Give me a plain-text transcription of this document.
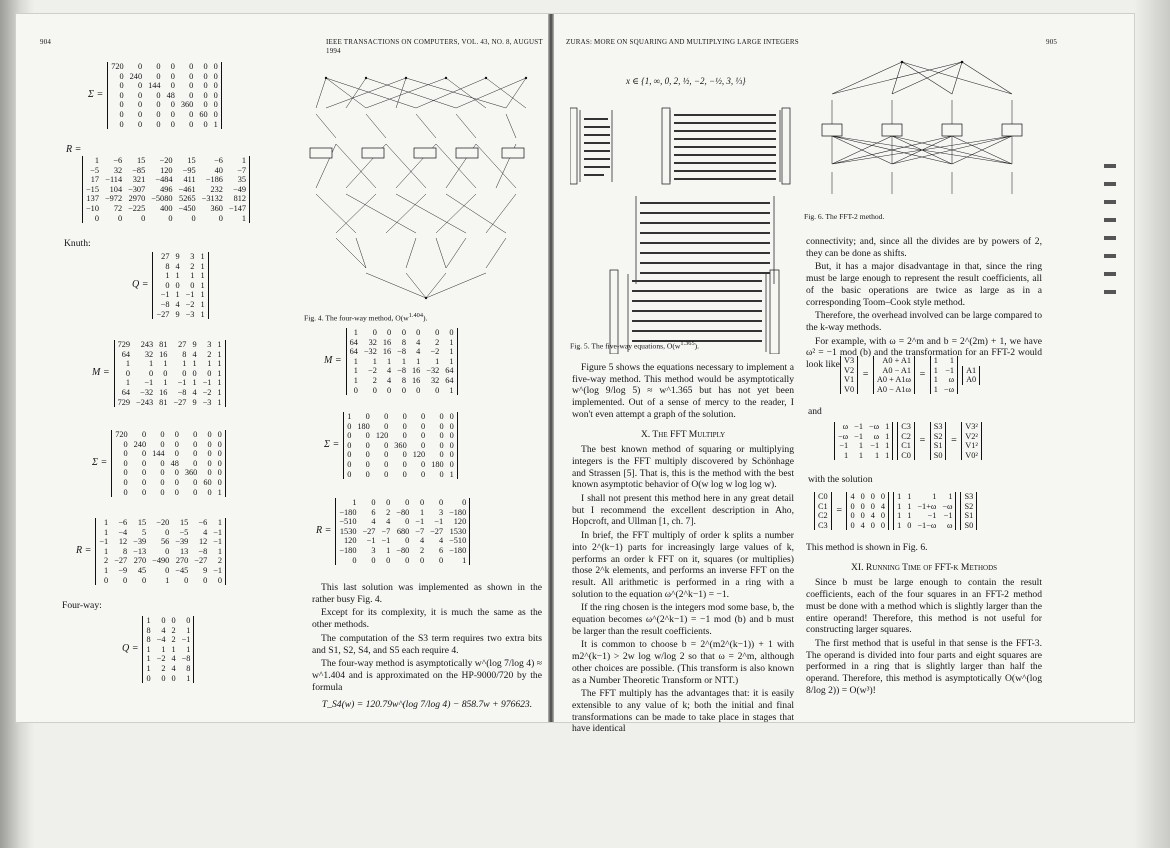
904	IEEE TRANSACTIONS ON COMPUTERS, VOL. 43, NO. 8, AUGUST 1994
Σ =
720	0	0	0	0	0	0
0	240	0	0	0	0	0
0	0	144	0	0	0	0
0	0	0	48	0	0	0
0	0	0	0	360	0	0
0	0	0	0	0	60	0
0	0	0	0	0	0	1
R =
1	−6	15	−20	15	−6	1
−5	32	−85	120	−95	40	−7
17	−114	321	−484	411	−186	35
−15	104	−307	496	−461	232	−49
137	−972	2970	−5080	5265	−3132	812
−10	72	−225	400	−450	360	−147
0	0	0	0	0	0	1
Knuth:
Q =
27	9	3	1
8	4	2	1
1	1	1	1
0	0	0	1
−1	1	−1	1
−8	4	−2	1
−27	9	−3	1
M =
729	243	81	27	9	3	1
64	32	16	8	4	2	1
1	1	1	1	1	1	1
0	0	0	0	0	0	1
1	−1	1	−1	1	−1	1
64	−32	16	−8	4	−2	1
729	−243	81	−27	9	−3	1
Σ =
720	0	0	0	0	0	0
0	240	0	0	0	0	0
0	0	144	0	0	0	0
0	0	0	48	0	0	0
0	0	0	0	360	0	0
0	0	0	0	0	60	0
0	0	0	0	0	0	1
R =
1	−6	15	−20	15	−6	1
1	−4	5	0	−5	4	−1
−1	12	−39	56	−39	12	−1
1	8	−13	0	13	−8	1
2	−27	270	−490	270	−27	2
1	−9	45	0	−45	9	−1
0	0	0	1	0	0	0
Four-way:
Q =
1	0	0	0
8	4	2	1
8	−4	2	−1
1	1	1	1
1	−2	4	−8
1	2	4	8
0	0	0	1
Fig. 4. The four-way method, $O(w^{1.404})$.
M =
1	0	0	0	0	0	0
64	32	16	8	4	2	1
64	−32	16	−8	4	−2	1
1	1	1	1	1	1	1
1	−2	4	−8	16	−32	64
1	2	4	8	16	32	64
0	0	0	0	0	0	1
Σ =
1	0	0	0	0	0	0
0	180	0	0	0	0	0
0	0	120	0	0	0	0
0	0	0	360	0	0	0
0	0	0	0	120	0	0
0	0	0	0	0	180	0
0	0	0	0	0	0	1
R =
1	0	0	0	0	0	0
−180	6	2	−80	1	3	−180
−510	4	4	0	−1	−1	120
1530	−27	−7	680	−7	−27	1530
120	−1	−1	0	4	4	−510
−180	3	1	−80	2	6	−180
0	0	0	0	0	0	1

This last solution was implemented as shown in the rather busy Fig. 4.

Except for its complexity, it is much the same as the other methods.

The computation of the S3 term requires two extra bits and S1, S2, S4, and S5 each require 4.

The four-way method is asymptotically w^(log 7/log 4) ≈ w^1.404 and is approximated on the HP-9000/720 by the formula

T_S4(w) = 120.79w^(log 7/log 4) − 858.7w + 976623.
ZURAS: MORE ON SQUARING AND MULTIPLYING LARGE INTEGERS	905
x ∈ {1, ∞, 0, 2, ½, −2, −½, 3, ⅓}
Fig. 5. The five-way equations, $O(w^{1.365})$.

Figure 5 shows the equations necessary to implement a five-way method. This method would be asymptotically w^(log 9/log 5) ≈ w^1.365 but has not yet been implemented. Out of a sense of mercy to the reader, I won't even attempt a graph of the solution.

X. The FFT Multiply

The best known method of squaring or multiplying integers is the FFT multiply discovered by Schönhage and Strassen [5]. That is, this is the method with the best known asymptotic behavior of O(w log w log log w).

I shall not present this method here in any great detail but I recommend the excellent description in Aho, Hopcroft, and Ullman [1, ch. 7].

In brief, the FFT multiply of order k splits a number into 2^(k−1) parts for increasingly large values of k, performs an order k FFT on it, squares (or multiplies) those 2^k elements, and performs an inverse FFT on the result. All arithmetic is performed in a ring with a solution to the equation ω^(2^k−1) = −1.

If the ring chosen is the integers mod some base, b, the equation becomes ω^(2^k−1) = −1 mod (b) and b must be larger than the result coefficients.

It is common to choose b = 2^(m2^(k−1)) + 1 with m2^(k−1) > 2w log w/log 2 so that ω = 2^m, although other choices are possible. (This transform is also known as a Number Theoretic Transform or NTT.)

The FFT multiply has the advantages that: it is easily extensible to any value of k; both the initial and final transformations can be made to take place in stages that have identical

Fig. 6. The FFT-2 method.

connectivity; and, since all the divides are by powers of 2, they can be done as shifts.

But, it has a major disadvantage in that, since the ring must be large enough to represent the result coefficients, all of the basic operations are twice as large as in a corresponding Toom–Cook style method.

Therefore, the overhead involved can be large compared to the k-way methods.

For example, with ω = 2^m and b = 2^(2m) + 1, we have ω² = −1 mod (b) and the transformation for an FFT-2 would look like V3
V2
V1
V0
=
A0 + A1
A0 − A1
A0 + A1ω
A0 − A1ω
=
1	1
1	−1
1	ω
1	−ω
A1
A0
and
ω	−1	−ω	1
−ω	−1	ω	1
−1	1	−1	1
1	1	1	1
C3
C2
C1
C0
=
S3
S2
S1
S0
=
V3²
V2²
V1²
V0²
with the solution
C0
C1
C2
C3
=
4	0	0	0
0	0	0	4
0	0	4	0
0	4	0	0
1	1	1	1
1	1	−1+ω	−ω
1	1	−1	−1
1	0	−1−ω	ω
S3
S2
S1
S0

This method is shown in Fig. 6.

XI. Running Time of FFT-k Methods

Since b must be large enough to contain the result coefficients, each of the four squares in an FFT-2 method must be done with a method which is slightly larger than the entire operand! Therefore, this method is not useful for constructing larger squares.

The first method that is useful in that sense is the FFT-3. The operand is divided into four parts and eight squares are performed in a ring that is slightly larger than half the operand. Therefore, this method is asymptotically O(w^(log 8/log 2)) = O(w³)!
